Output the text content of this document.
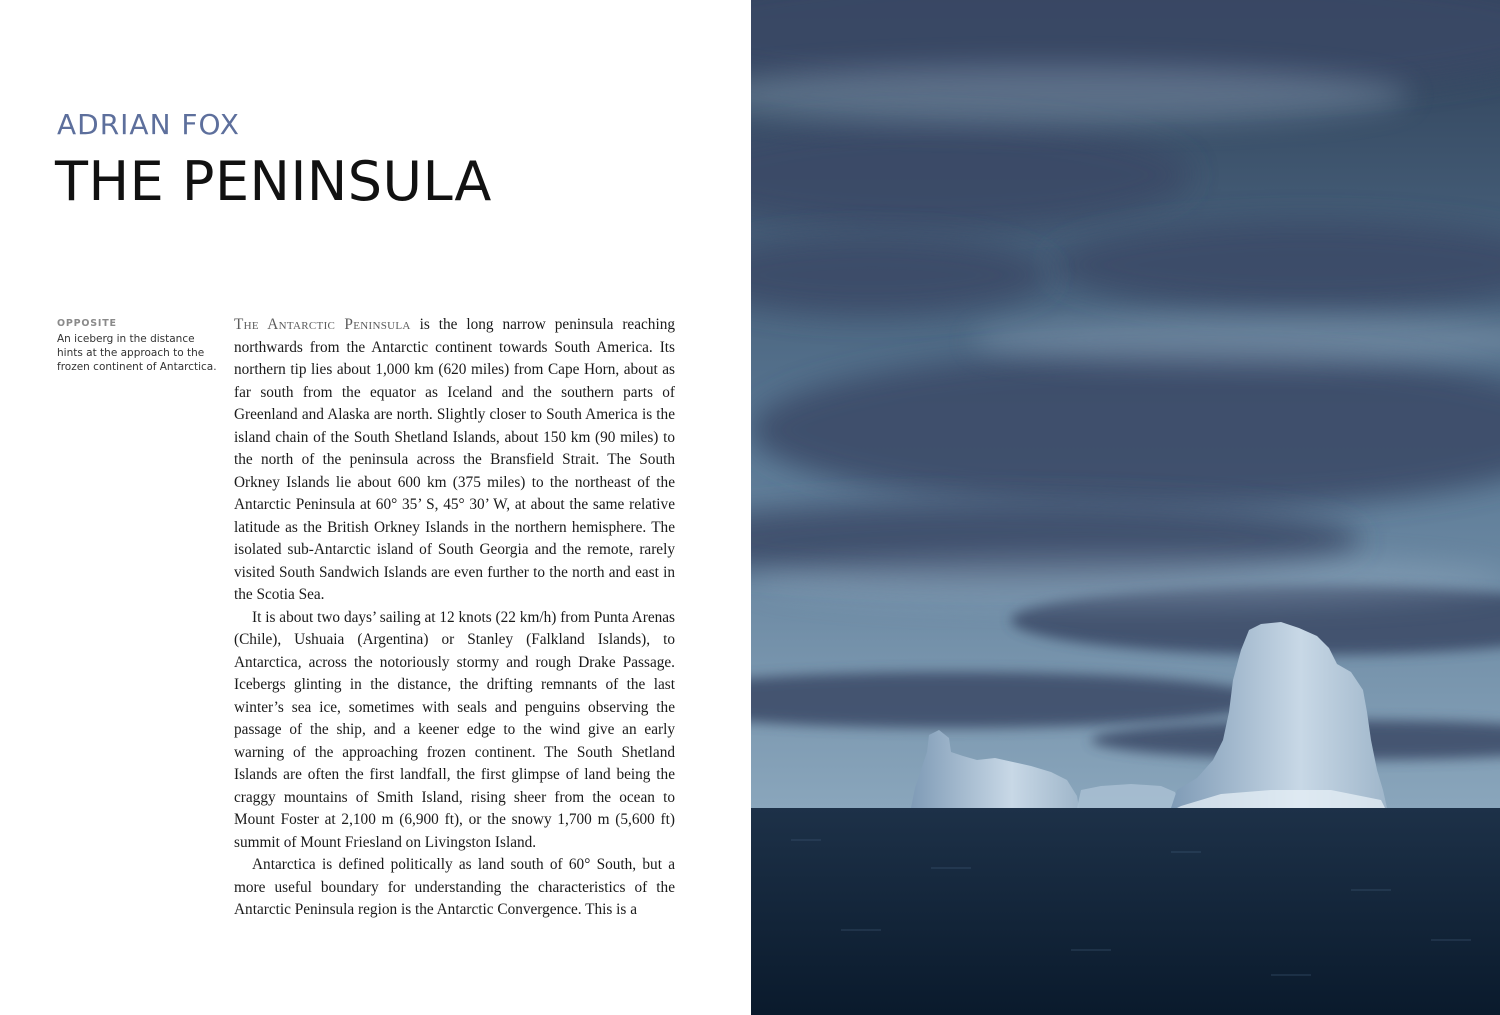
ADRIAN FOX
THE PENINSULA

OPPOSITE

An iceberg in the distance hints at the approach to the frozen continent of Antarctica.

The Antarctic Peninsula is the long narrow peninsula reaching northwards from the Antarctic continent towards South America. Its northern tip lies about 1,000 km (620 miles) from Cape Horn, about as far south from the equator as Iceland and the southern parts of Greenland and Alaska are north. Slightly closer to South America is the island chain of the South Shetland Islands, about 150 km (90 miles) to the north of the peninsula across the Bransfield Strait. The South Orkney Islands lie about 600 km (375 miles) to the northeast of the Antarctic Peninsula at 60° 35’ S, 45° 30’ W, at about the same relative latitude as the British Orkney Islands in the northern hemisphere. The isolated sub-Antarctic island of South Georgia and the remote, rarely visited South Sandwich Islands are even further to the north and east in the Scotia Sea.

It is about two days’ sailing at 12 knots (22 km/h) from Punta Arenas (Chile), Ushuaia (Argentina) or Stanley (Falkland Islands), to Antarctica, across the notoriously stormy and rough Drake Passage. Icebergs glinting in the distance, the drifting remnants of the last winter’s sea ice, sometimes with seals and penguins observing the passage of the ship, and a keener edge to the wind give an early warning of the approaching frozen continent. The South Shetland Islands are often the first landfall, the first glimpse of land being the craggy mountains of Smith Island, rising sheer from the ocean to Mount Foster at 2,100 m (6,900 ft), or the snowy 1,700 m (5,600 ft) summit of Mount Friesland on Livingston Island.

Antarctica is defined politically as land south of 60° South, but a more useful boundary for understanding the characteristics of the Antarctic Peninsula region is the Antarctic Convergence. This is a
